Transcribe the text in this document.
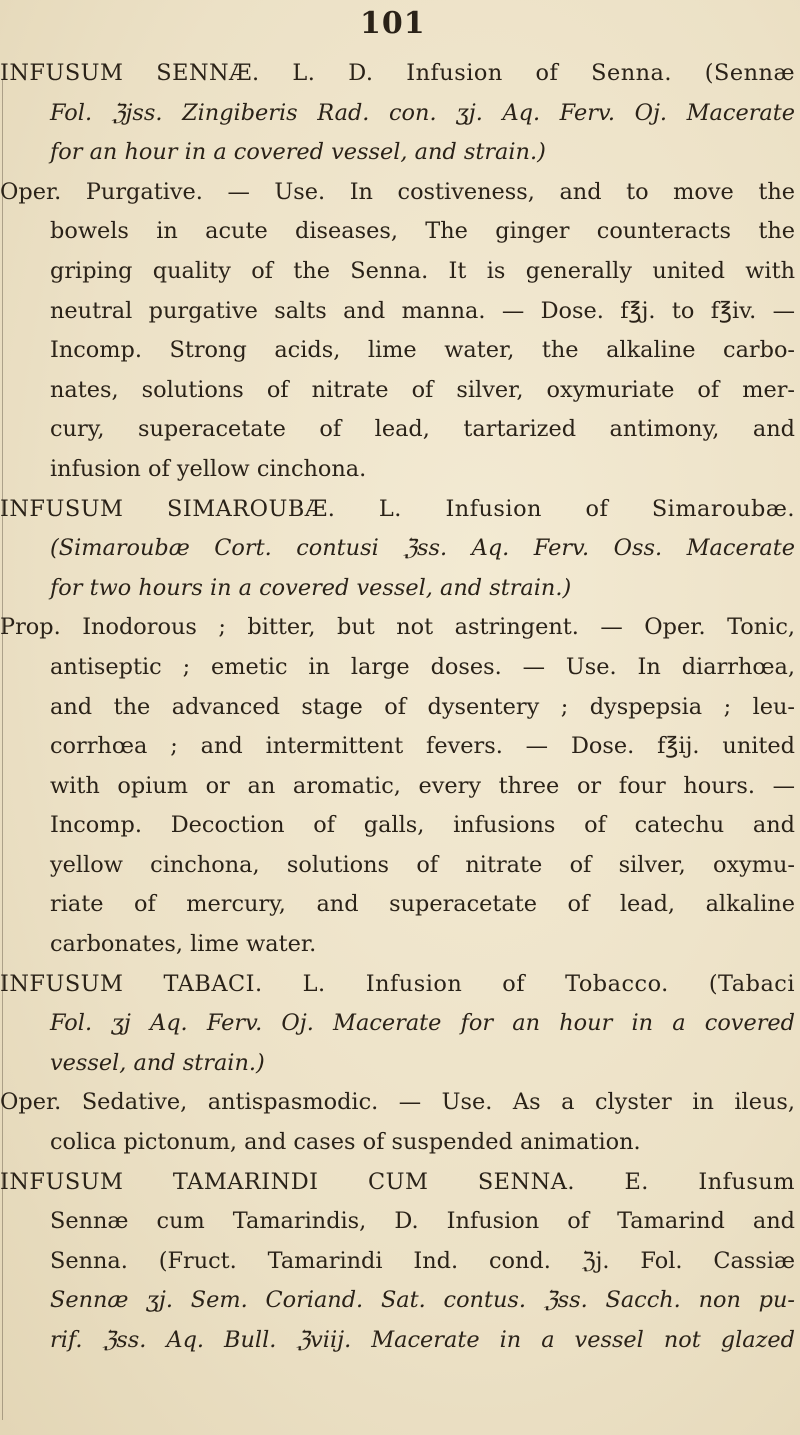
101
INFUSUM SENNÆ. L. D. Infusion of Senna. (Sennæ
Fol. ℨjss. Zingiberis Rad. con. ʒj. Aq. Ferv. Oj. Macerate
for an hour in a covered vessel, and strain.)
Oper. Purgative. — Use. In costiveness, and to move the
bowels in acute diseases, The ginger counteracts the
griping quality of the Senna. It is generally united with
neutral purgative salts and manna. — Dose. f℥j. to f℥iv. —
Incomp. Strong acids, lime water, the alkaline carbo-
nates, solutions of nitrate of silver, oxymuriate of mer-
cury, superacetate of lead, tartarized antimony, and
infusion of yellow cinchona.
INFUSUM SIMAROUBÆ. L. Infusion of Simaroubæ.
(Simaroubæ Cort. contusi ℨss. Aq. Ferv. Oss. Macerate
for two hours in a covered vessel, and strain.)
Prop. Inodorous ; bitter, but not astringent. — Oper. Tonic,
antiseptic ; emetic in large doses. — Use. In diarrhœa,
and the advanced stage of dysentery ; dyspepsia ; leu-
corrhœa ; and intermittent fevers. — Dose. f℥ij. united
with opium or an aromatic, every three or four hours. —
Incomp. Decoction of galls, infusions of catechu and
yellow cinchona, solutions of nitrate of silver, oxymu-
riate of mercury, and superacetate of lead, alkaline
carbonates, lime water.
INFUSUM TABACI. L. Infusion of Tobacco. (Tabaci
Fol. ʒj Aq. Ferv. Oj. Macerate for an hour in a covered
vessel, and strain.)
Oper. Sedative, antispasmodic. — Use. As a clyster in ileus,
colica pictonum, and cases of suspended animation.
INFUSUM TAMARINDI CUM SENNA. E. Infusum
Sennæ cum Tamarindis, D. Infusion of Tamarind and
Senna. (Fruct. Tamarindi Ind. cond. ℨj. Fol. Cassiæ
Sennæ ʒj. Sem. Coriand. Sat. contus. ℨss. Sacch. non pu-
rif. ℨss. Aq. Bull. ℨviij. Macerate in a vessel not glazed
